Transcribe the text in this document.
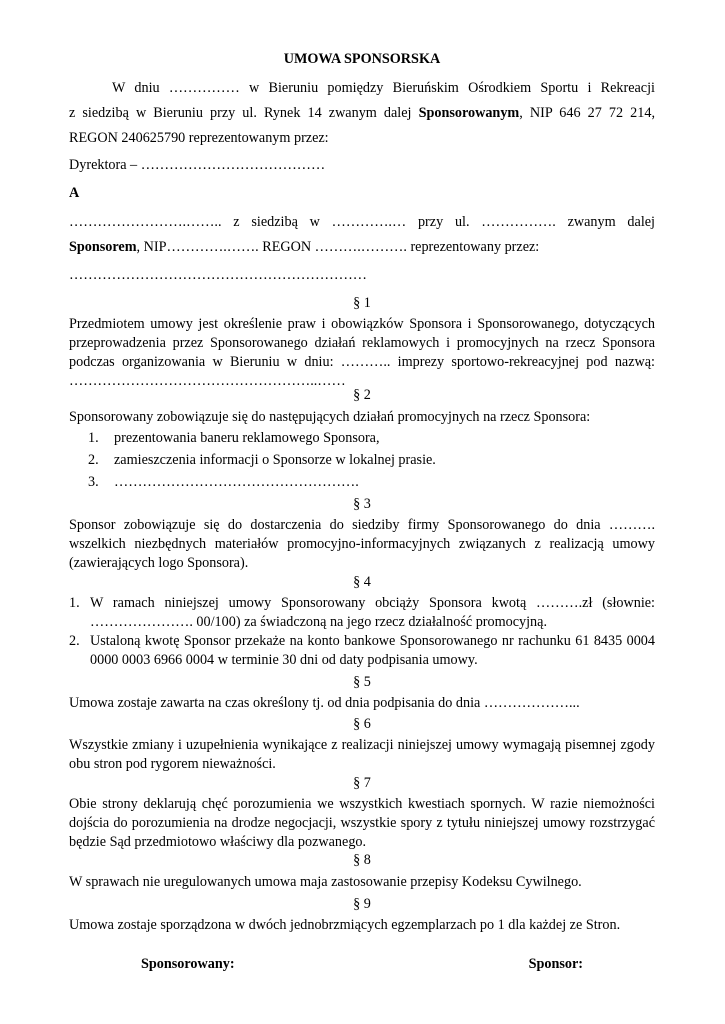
UMOWA SPONSORSKA

W dniu …………… w Bieruniu pomiędzy Bieruńskim Ośrodkiem Sportu i Rekreacji
z siedzibą w Bieruniu przy ul. Rynek 14 zwanym dalej Sponsorowanym, NIP 646 27 72 214,
REGON 240625790 reprezentowanym przez:

Dyrektora – …………………………………

A

…………………….…….. z siedzibą w ………….… przy ul. ……………. zwanym dalej
Sponsorem, NIP………….……. REGON ……….………. reprezentowany przez:

………………………………………………………

§ 1

Przedmiotem umowy jest określenie praw i obowiązków Sponsora i Sponsorowanego, dotyczących przeprowadzenia przez Sponsorowanego działań reklamowych i promocyjnych na rzecz Sponsora podczas organizowania w Bieruniu w dniu: ……….. imprezy sportowo-rekreacyjnej pod nazwą: ……………………………………………..……

§ 2

Sponsorowany zobowiązuje się do następujących działań promocyjnych na rzecz Sponsora:

1.	prezentowania baneru reklamowego Sponsora,
2.	zamieszczenia informacji o Sponsorze w lokalnej prasie.
3.	…………………………………………….

§ 3

Sponsor zobowiązuje się do dostarczenia do siedziby firmy Sponsorowanego do dnia ………. wszelkich niezbędnych materiałów promocyjno-informacyjnych związanych z realizacją umowy (zawierających logo Sponsora).

§ 4

1. W ramach niniejszej umowy Sponsorowany obciąży Sponsora kwotą ……….zł (słownie: …………………. 00/100) za świadczoną na jego rzecz działalność promocyjną.
2. Ustaloną kwotę Sponsor przekaże na konto bankowe Sponsorowanego nr rachunku 61 8435 0004 0000 0003 6966 0004 w terminie 30 dni od daty podpisania umowy.

§ 5

Umowa zostaje zawarta na czas określony tj. od dnia podpisania do dnia ………………...

§ 6

Wszystkie zmiany i uzupełnienia wynikające z realizacji niniejszej umowy wymagają pisemnej zgody obu stron pod rygorem nieważności.

§ 7

Obie strony deklarują chęć porozumienia we wszystkich kwestiach spornych. W razie niemożności dojścia do porozumienia na drodze negocjacji, wszystkie spory z tytułu niniejszej umowy rozstrzygać będzie Sąd przedmiotowo właściwy dla pozwanego.

§ 8

W sprawach nie uregulowanych umowa maja zastosowanie przepisy Kodeksu Cywilnego.

§ 9

Umowa zostaje sporządzona w dwóch jednobrzmiących egzemplarzach po 1 dla każdej ze Stron.

Sponsorowany:	Sponsor:
